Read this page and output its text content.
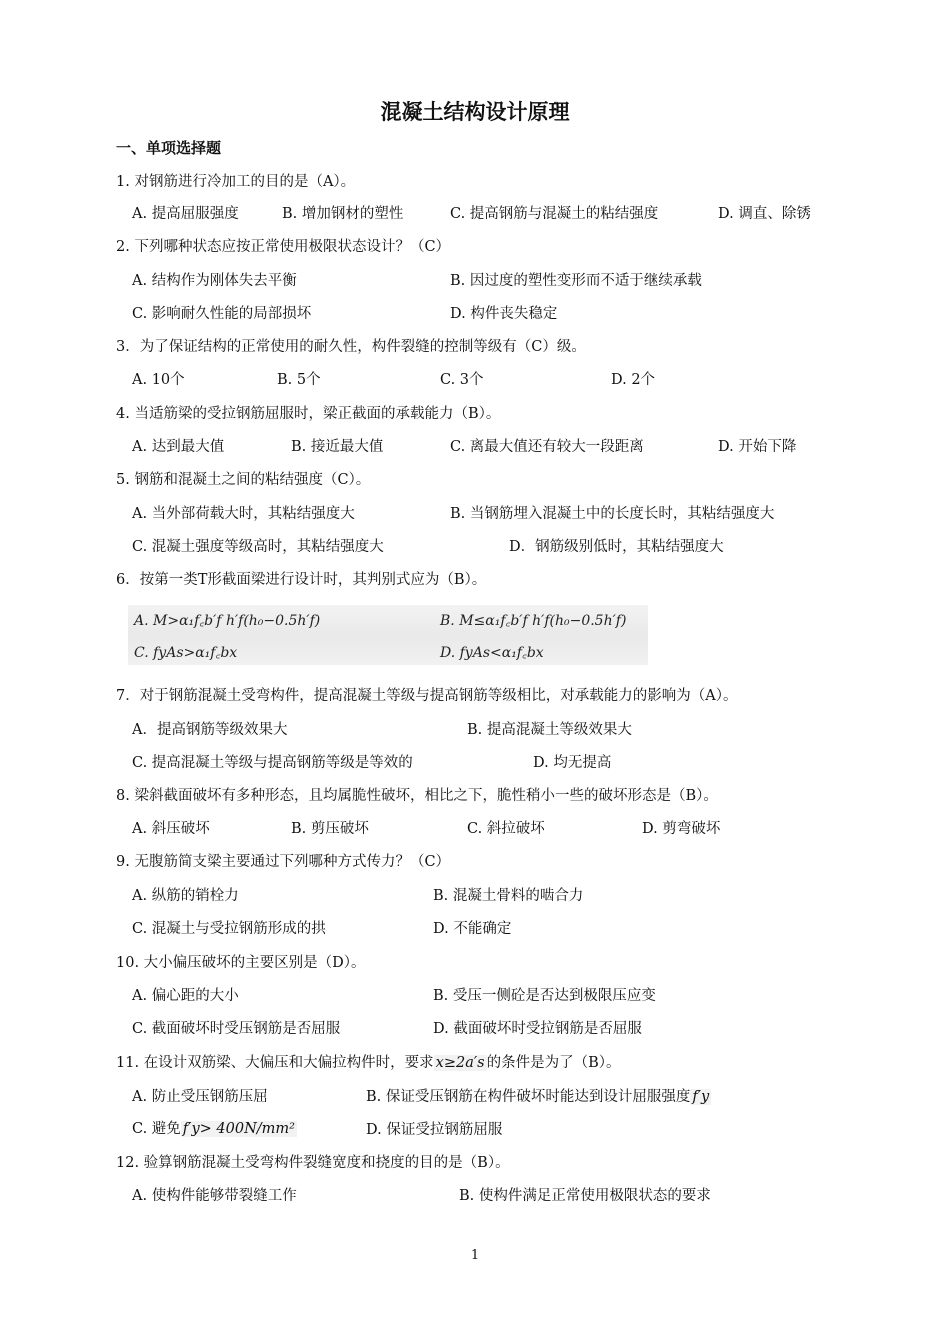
混凝土结构设计原理
一、单项选择题
1. 对钢筋进行冷加工的目的是（A）。
A. 提高屈服强度	B. 增加钢材的塑性	C. 提高钢筋与混凝土的粘结强度	D. 调直、除锈
2. 下列哪种状态应按正常使用极限状态设计？（C）
A. 结构作为刚体失去平衡	B. 因过度的塑性变形而不适于继续承载
C. 影响耐久性能的局部损坏	D. 构件丧失稳定
3．为了保证结构的正常使用的耐久性，构件裂缝的控制等级有（C）级。
A. 10个	B. 5个	C. 3个	D. 2个
4. 当适筋梁的受拉钢筋屈服时，梁正截面的承载能力（B）。
A. 达到最大值	B. 接近最大值	C. 离最大值还有较大一段距离	D. 开始下降
5. 钢筋和混凝土之间的粘结强度（C）。
A. 当外部荷载大时，其粘结强度大	B. 当钢筋埋入混凝土中的长度长时，其粘结强度大
C. 混凝土强度等级高时，其粘结强度大	D．钢筋级别低时，其粘结强度大
6．按第一类T形截面梁进行设计时，其判别式应为（B）。
A. M>α₁f꜀b′f h′f(h₀−0.5h′f)	B. M≤α₁f꜀b′f h′f(h₀−0.5h′f)
C. fyAs>α₁f꜀bx	D. fyAs<α₁f꜀bx
7．对于钢筋混凝土受弯构件，提高混凝土等级与提高钢筋等级相比，对承载能力的影响为（A）。
A．提高钢筋等级效果大	B. 提高混凝土等级效果大
C. 提高混凝土等级与提高钢筋等级是等效的	D. 均无提高
8. 梁斜截面破坏有多种形态，且均属脆性破坏，相比之下，脆性稍小一些的破坏形态是（B）。
A. 斜压破坏	B. 剪压破坏	C. 斜拉破坏	D. 剪弯破坏
9. 无腹筋简支梁主要通过下列哪种方式传力？（C）
A. 纵筋的销栓力	B. 混凝土骨料的啮合力
C. 混凝土与受拉钢筋形成的拱	D. 不能确定
10. 大小偏压破坏的主要区别是（D）。
A. 偏心距的大小	B. 受压一侧砼是否达到极限压应变
C. 截面破坏时受压钢筋是否屈服	D. 截面破坏时受拉钢筋是否屈服
11. 在设计双筋梁、大偏压和大偏拉构件时，要求 x≥2a′s 的条件是为了（B）。
A. 防止受压钢筋压屈	B. 保证受压钢筋在构件破坏时能达到设计屈服强度 f′y
C. 避免 f′y> 400N/mm²	D. 保证受拉钢筋屈服
12. 验算钢筋混凝土受弯构件裂缝宽度和挠度的目的是（B）。
A. 使构件能够带裂缝工作	B. 使构件满足正常使用极限状态的要求
1
